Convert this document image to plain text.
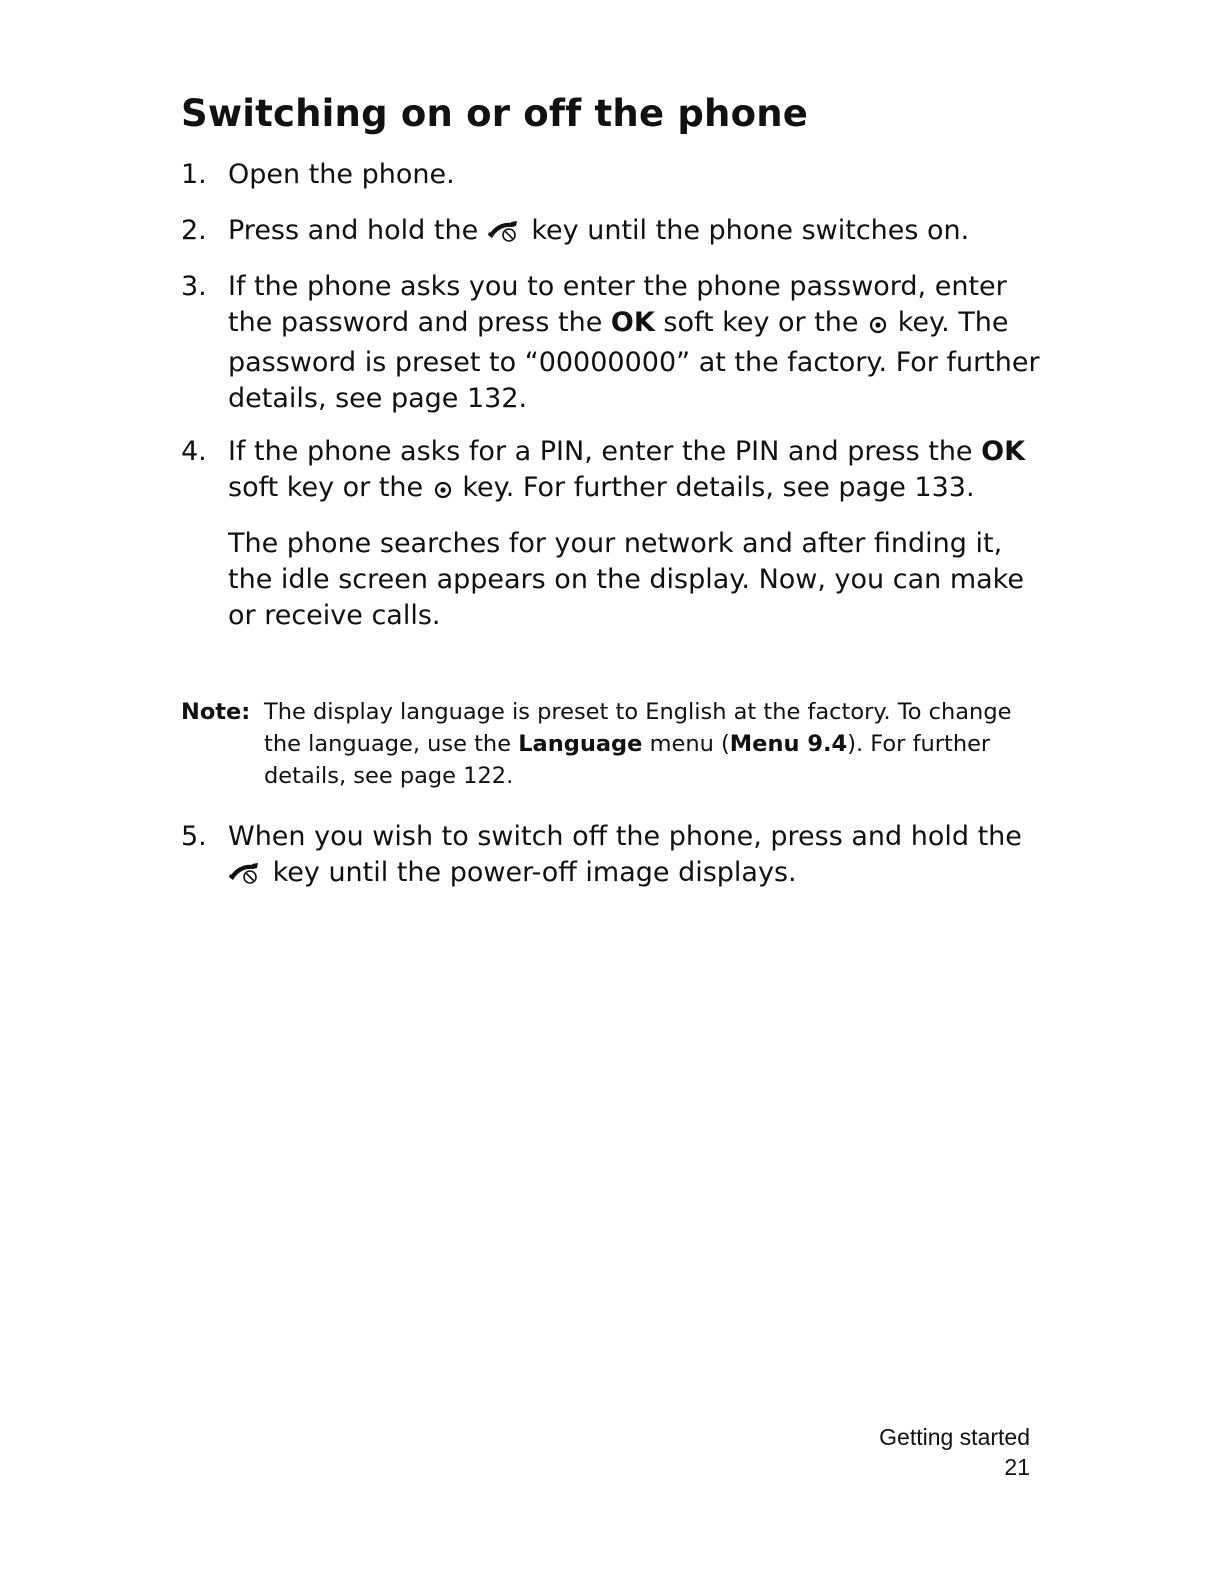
Switching on or off the phone
1. Open the phone.

2. Press and hold the key until the phone switches on.

3. If the phone asks you to enter the phone password, enter the password and press the OK soft key or the key. The password is preset to “00000000” at the factory. For further details, see page 132.

4. If the phone asks for a PIN, enter the PIN and press the OK soft key or the key. For further details, see page 133.

The phone searches for your network and after finding it, the idle screen appears on the display. Now, you can make or receive calls.

Note: The display language is preset to English at the factory. To change the language, use the Language menu (Menu 9.4). For further details, see page 122.
5. When you wish to switch off the phone, press and hold the  key until the power-off image displays.

Getting started
21
